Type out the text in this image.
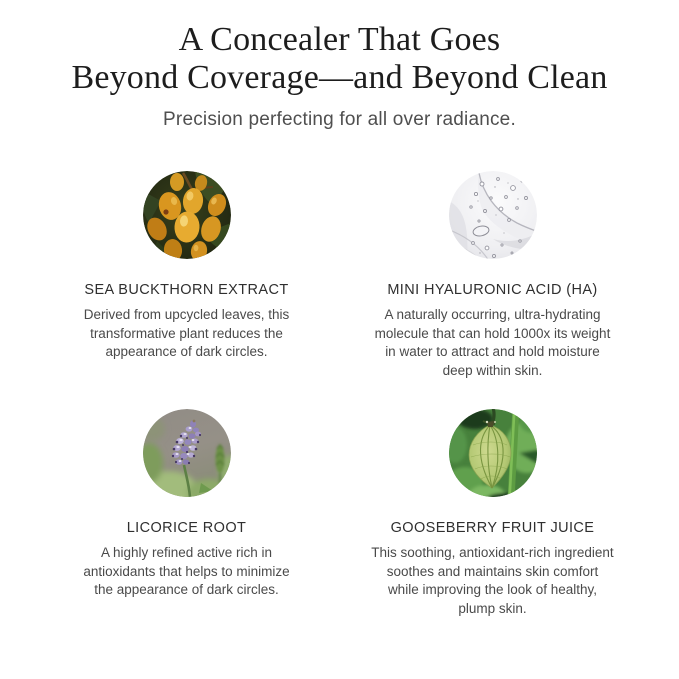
A Concealer That Goes
Beyond Coverage—and Beyond Clean
Precision perfecting for all over radiance.
SEA BUCKTHORN EXTRACT

Derived from upcycled leaves, this
transformative plant reduces the
appearance of dark circles.

MINI HYALURONIC ACID (HA)

A naturally occurring, ultra-hydrating
molecule that can hold 1000x its weight
in water to attract and hold moisture
deep within skin.

LICORICE ROOT

A highly refined active rich in
antioxidants that helps to minimize
the appearance of dark circles.

GOOSEBERRY FRUIT JUICE

This soothing, antioxidant-rich ingredient
soothes and maintains skin comfort
while improving the look of healthy,
plump skin.
